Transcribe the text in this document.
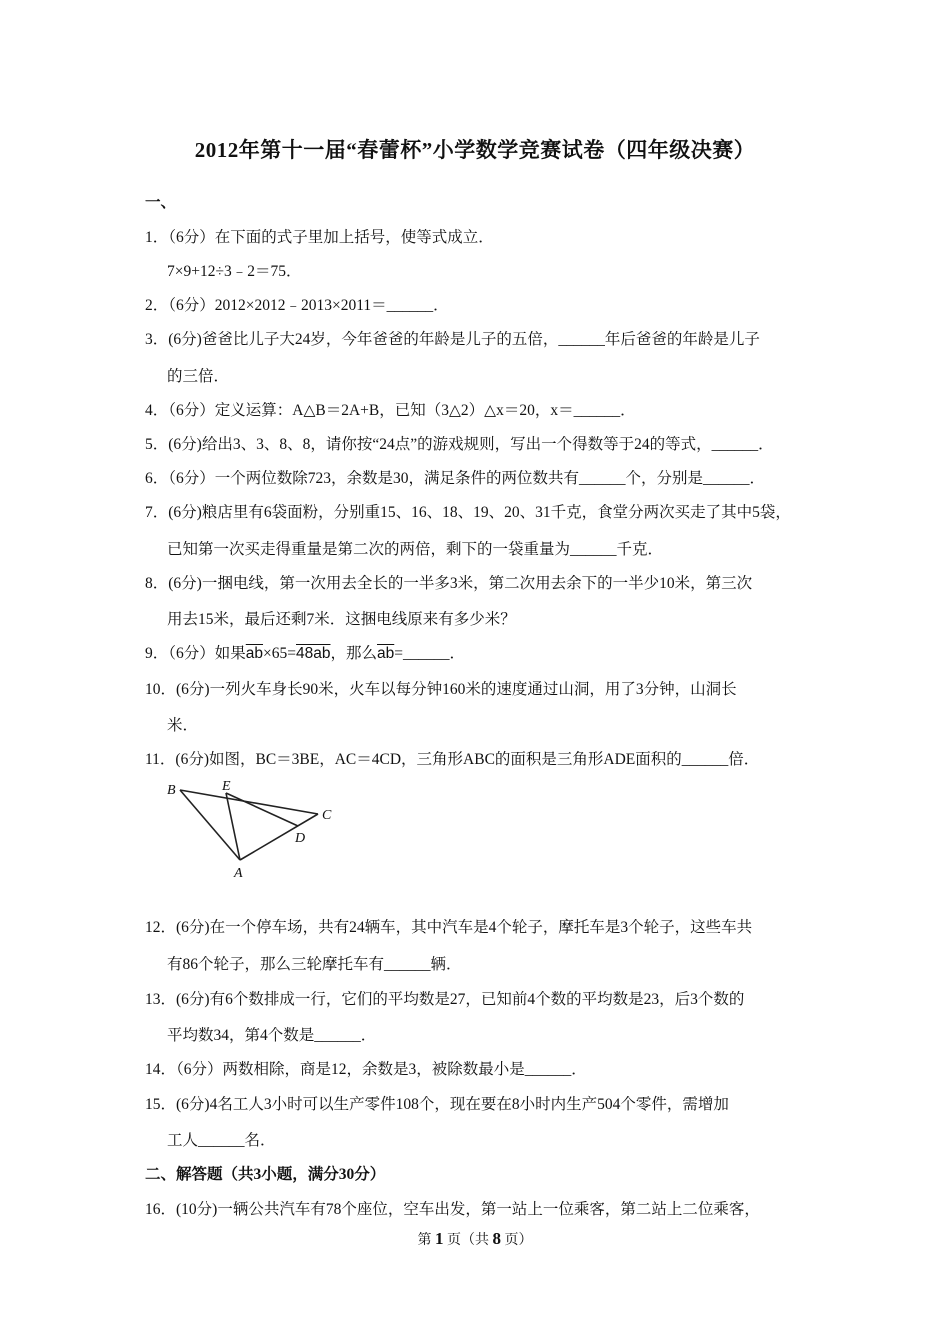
2012年第十一届“春蕾杯”小学数学竞赛试卷（四年级决赛）
一、
1．（6分）在下面的式子里加上括号，使等式成立．
7×9+12÷3﹣2＝75．
2．（6分）2012×2012﹣2013×2011＝______．
3．(6分)爸爸比儿子大24岁，今年爸爸的年龄是儿子的五倍，______年后爸爸的年龄是儿子
的三倍．
4．（6分）定义运算：A△B＝2A+B，已知（3△2）△x＝20，x＝______．
5．(6分)给出3、3、8、8，请你按“24点”的游戏规则，写出一个得数等于24的等式，______．
6．（6分）一个两位数除723，余数是30，满足条件的两位数共有______个，分别是______．
7．(6分)粮店里有6袋面粉，分别重15、16、18、19、20、31千克，食堂分两次买走了其中5袋，
已知第一次买走得重量是第二次的两倍，剩下的一袋重量为______千克．
8．(6分)一捆电线，第一次用去全长的一半多3米，第二次用去余下的一半少10米，第三次
用去15米，最后还剩7米．这捆电线原来有多少米？
9．（6分）如果$\overline{ab}\times 65=48ab$，那么$\overline{ab}=\_\_\_\_\_\_$．
10．(6分)一列火车身长90米，火车以每分钟160米的速度通过山洞，用了3分钟，山洞长
米．
11．(6分)如图，BC＝3BE，AC＝4CD，三角形ABC的面积是三角形ADE面积的______倍．
B	E
C
D
A
12．(6分)在一个停车场，共有24辆车，其中汽车是4个轮子，摩托车是3个轮子，这些车共
有86个轮子，那么三轮摩托车有______辆．
13．(6分)有6个数排成一行，它们的平均数是27，已知前4个数的平均数是23，后3个数的
平均数34，第4个数是______．
14．（6分）两数相除，商是12，余数是3，被除数最小是______．
15．(6分)4名工人3小时可以生产零件108个，现在要在8小时内生产504个零件，需增加
工人______名．
二、解答题（共3小题，满分30分）
16．(10分)一辆公共汽车有78个座位，空车出发，第一站上一位乘客，第二站上二位乘客，
第 1 页（共 8 页）
